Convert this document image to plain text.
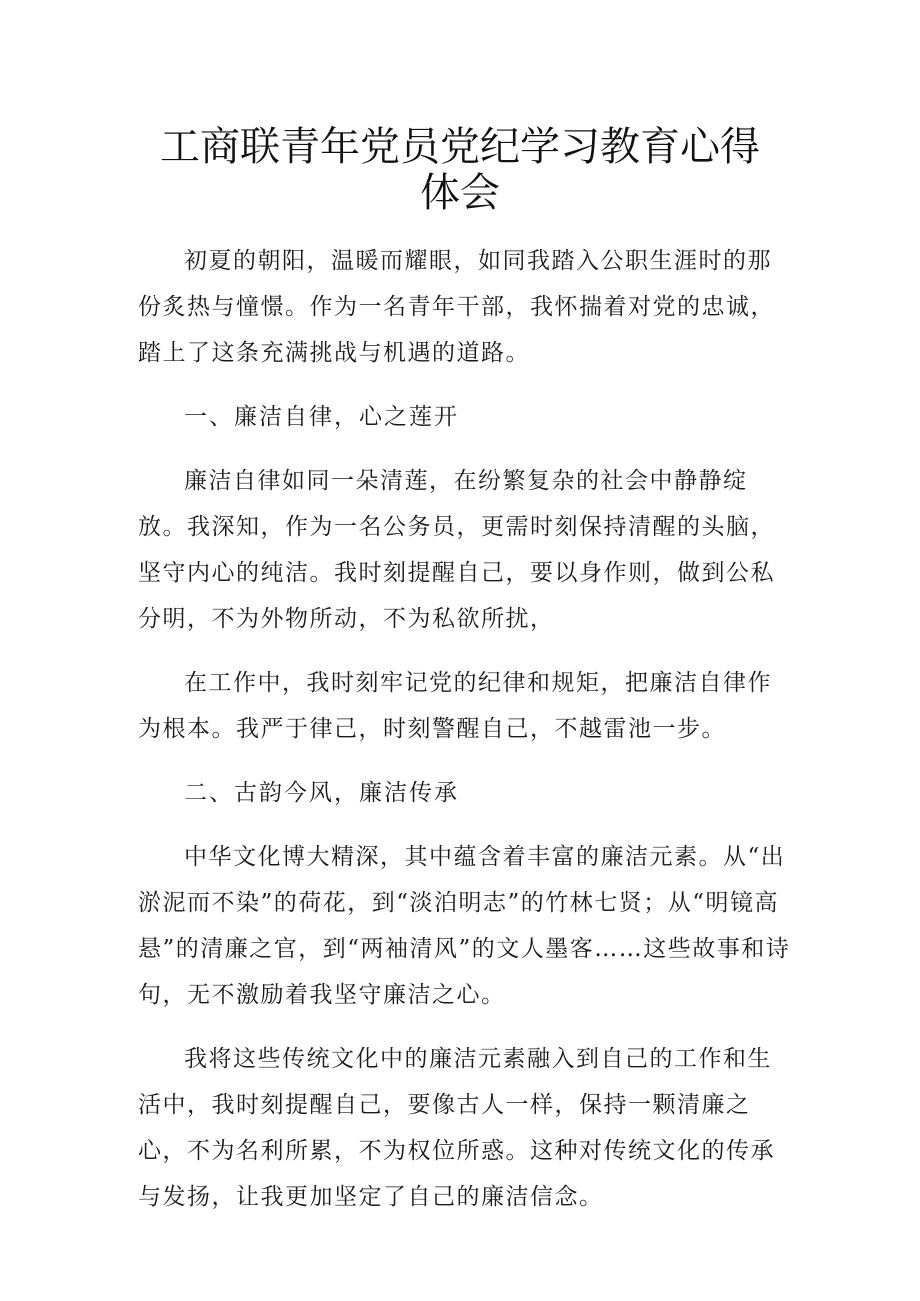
工商联青年党员党纪学习教育心得
体会

初夏的朝阳，温暖而耀眼，如同我踏入公职生涯时的那份炙热与憧憬。作为一名青年干部，我怀揣着对党的忠诚，踏上了这条充满挑战与机遇的道路。

一、廉洁自律，心之莲开

廉洁自律如同一朵清莲，在纷繁复杂的社会中静静绽放。我深知，作为一名公务员，更需时刻保持清醒的头脑，坚守内心的纯洁。我时刻提醒自己，要以身作则，做到公私分明，不为外物所动，不为私欲所扰，

在工作中，我时刻牢记党的纪律和规矩，把廉洁自律作为根本。我严于律己，时刻警醒自己，不越雷池一步。

二、古韵今风，廉洁传承

中华文化博大精深，其中蕴含着丰富的廉洁元素。从“出淤泥而不染”的荷花，到“淡泊明志”的竹林七贤；从“明镜高悬”的清廉之官，到“两袖清风”的文人墨客……这些故事和诗句，无不激励着我坚守廉洁之心。

我将这些传统文化中的廉洁元素融入到自己的工作和生活中，我时刻提醒自己，要像古人一样，保持一颗清廉之心，不为名利所累，不为权位所惑。这种对传统文化的传承与发扬，让我更加坚定了自己的廉洁信念。
